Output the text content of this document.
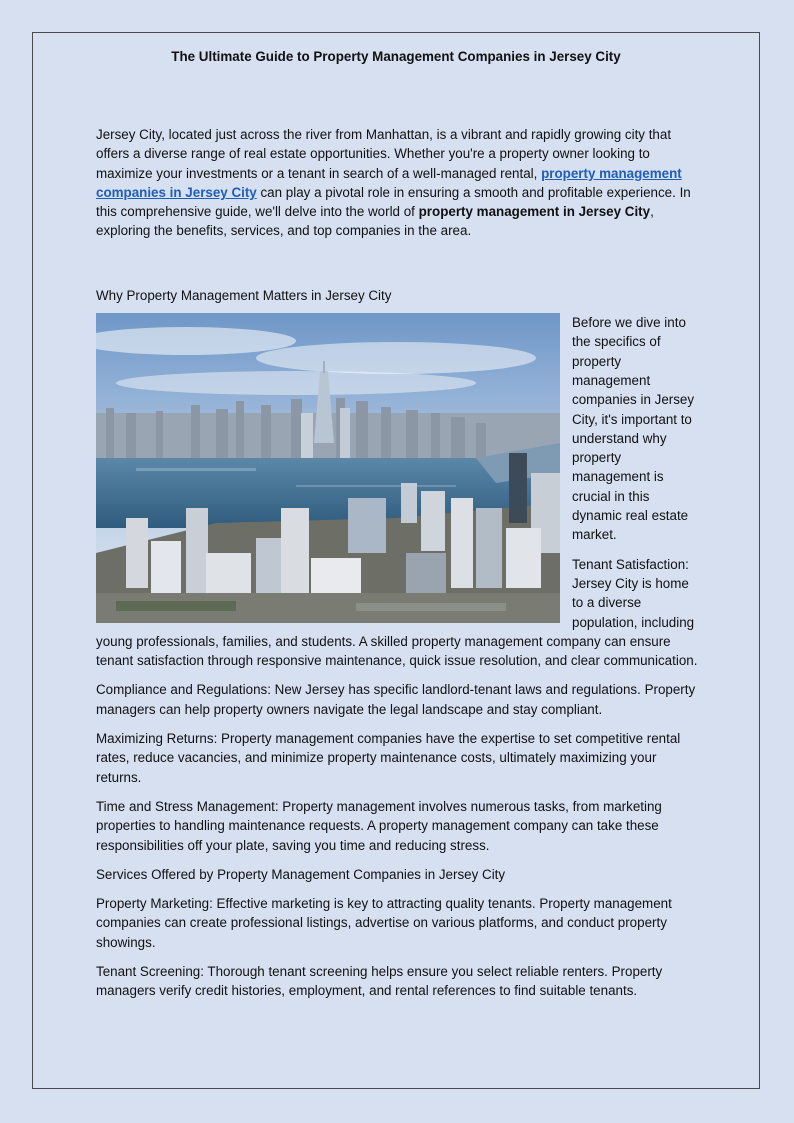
The Ultimate Guide to Property Management Companies in Jersey City

Jersey City, located just across the river from Manhattan, is a vibrant and rapidly growing city that offers a diverse range of real estate opportunities. Whether you're a property owner looking to maximize your investments or a tenant in search of a well-managed rental, property management companies in Jersey City can play a pivotal role in ensuring a smooth and profitable experience. In this comprehensive guide, we'll delve into the world of property management in Jersey City, exploring the benefits, services, and top companies in the area.

Why Property Management Matters in Jersey City

Before we dive into the specifics of property management companies in Jersey City, it's important to understand why property management is crucial in this dynamic real estate market.

Tenant Satisfaction: Jersey City is home to a diverse population, including young professionals, families, and students. A skilled property management company can ensure tenant satisfaction through responsive maintenance, quick issue resolution, and clear communication.

Compliance and Regulations: New Jersey has specific landlord-tenant laws and regulations. Property managers can help property owners navigate the legal landscape and stay compliant.

Maximizing Returns: Property management companies have the expertise to set competitive rental rates, reduce vacancies, and minimize property maintenance costs, ultimately maximizing your returns.

Time and Stress Management: Property management involves numerous tasks, from marketing properties to handling maintenance requests. A property management company can take these responsibilities off your plate, saving you time and reducing stress.

Services Offered by Property Management Companies in Jersey City

Property Marketing: Effective marketing is key to attracting quality tenants. Property management companies can create professional listings, advertise on various platforms, and conduct property showings.

Tenant Screening: Thorough tenant screening helps ensure you select reliable renters. Property managers verify credit histories, employment, and rental references to find suitable tenants.
